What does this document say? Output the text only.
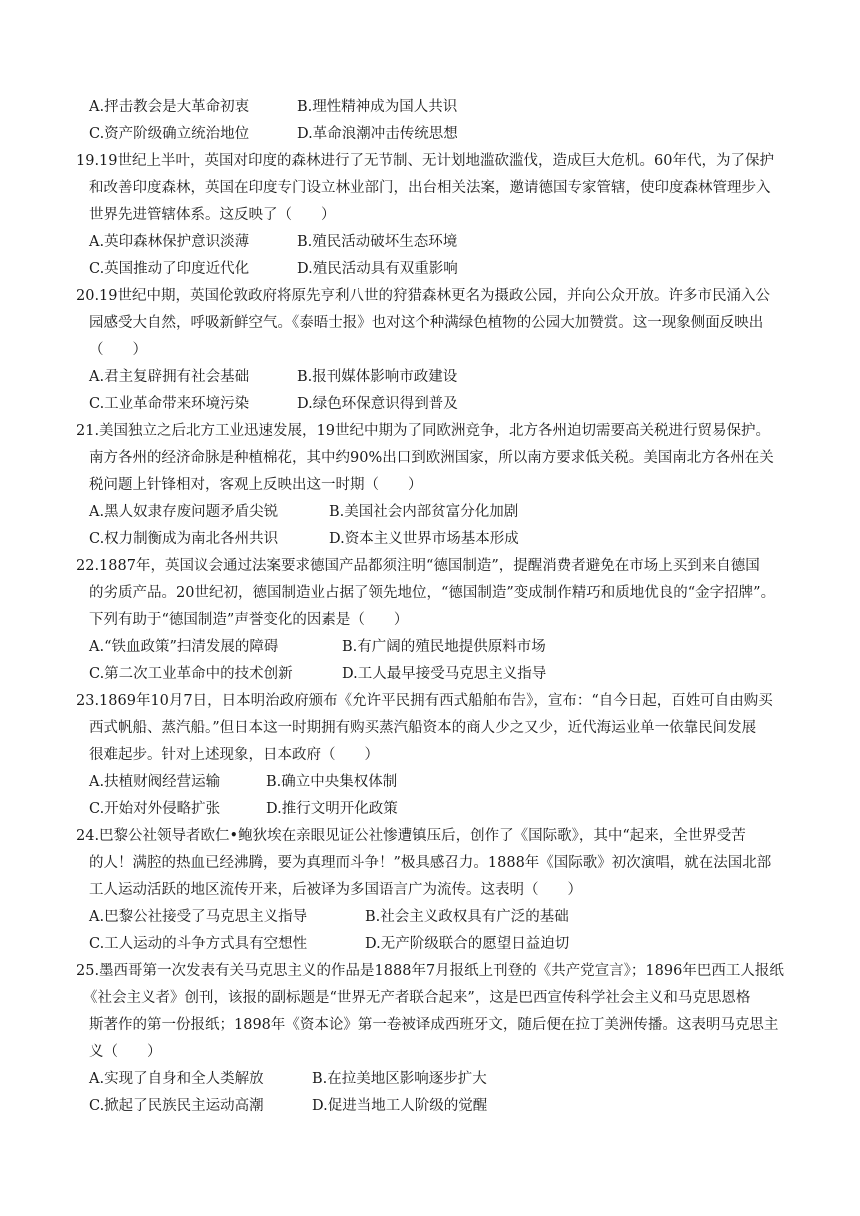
A.抨击教会是大革命初衷	B.理性精神成为国人共识
C.资产阶级确立统治地位	D.革命浪潮冲击传统思想
19.19世纪上半叶，英国对印度的森林进行了无节制、无计划地滥砍滥伐，造成巨大危机。60年代，为了保护
和改善印度森林，英国在印度专门设立林业部门，出台相关法案，邀请德国专家管辖，使印度森林管理步入
世界先进管辖体系。这反映了（　　）
A.英印森林保护意识淡薄	B.殖民活动破坏生态环境
C.英国推动了印度近代化	D.殖民活动具有双重影响
20.19世纪中期，英国伦敦政府将原先亨利八世的狩猎森林更名为摄政公园，并向公众开放。许多市民涌入公
园感受大自然，呼吸新鲜空气。《泰晤士报》也对这个种满绿色植物的公园大加赞赏。这一现象侧面反映出
（　　）
A.君主复辟拥有社会基础	B.报刊媒体影响市政建设
C.工业革命带来环境污染	D.绿色环保意识得到普及
21.美国独立之后北方工业迅速发展，19世纪中期为了同欧洲竞争，北方各州迫切需要高关税进行贸易保护。
南方各州的经济命脉是种植棉花，其中约90%出口到欧洲国家，所以南方要求低关税。美国南北方各州在关
税问题上针锋相对，客观上反映出这一时期（　　）
A.黑人奴隶存废问题矛盾尖锐	B.美国社会内部贫富分化加剧
C.权力制衡成为南北各州共识	D.资本主义世界市场基本形成
22.1887年，英国议会通过法案要求德国产品都须注明“德国制造”，提醒消费者避免在市场上买到来自德国
的劣质产品。20世纪初，德国制造业占据了领先地位，“德国制造”变成制作精巧和质地优良的“金字招牌”。
下列有助于“德国制造”声誉变化的因素是（　　）
A.“铁血政策”扫清发展的障碍	B.有广阔的殖民地提供原料市场
C.第二次工业革命中的技术创新	D.工人最早接受马克思主义指导
23.1869年10月7日，日本明治政府颁布《允许平民拥有西式船舶布告》，宣布：“自今日起，百姓可自由购买
西式帆船、蒸汽船。”但日本这一时期拥有购买蒸汽船资本的商人少之又少，近代海运业单一依靠民间发展
很难起步。针对上述现象，日本政府（　　）
A.扶植财阀经营运输	B.确立中央集权体制
C.开始对外侵略扩张	D.推行文明开化政策
24.巴黎公社领导者欧仁•鲍狄埃在亲眼见证公社惨遭镇压后，创作了《国际歌》，其中“起来，全世界受苦
的人！满腔的热血已经沸腾，要为真理而斗争！”极具感召力。1888年《国际歌》初次演唱，就在法国北部
工人运动活跃的地区流传开来，后被译为多国语言广为流传。这表明（　　）
A.巴黎公社接受了马克思主义指导	B.社会主义政权具有广泛的基础
C.工人运动的斗争方式具有空想性	D.无产阶级联合的愿望日益迫切
25.墨西哥第一次发表有关马克思主义的作品是1888年7月报纸上刊登的《共产党宣言》；1896年巴西工人报纸
《社会主义者》创刊，该报的副标题是“世界无产者联合起来”，这是巴西宣传科学社会主义和马克思恩格
斯著作的第一份报纸；1898年《资本论》第一卷被译成西班牙文，随后便在拉丁美洲传播。这表明马克思主
义（　　）
A.实现了自身和全人类解放	B.在拉美地区影响逐步扩大
C.掀起了民族民主运动高潮	D.促进当地工人阶级的觉醒
